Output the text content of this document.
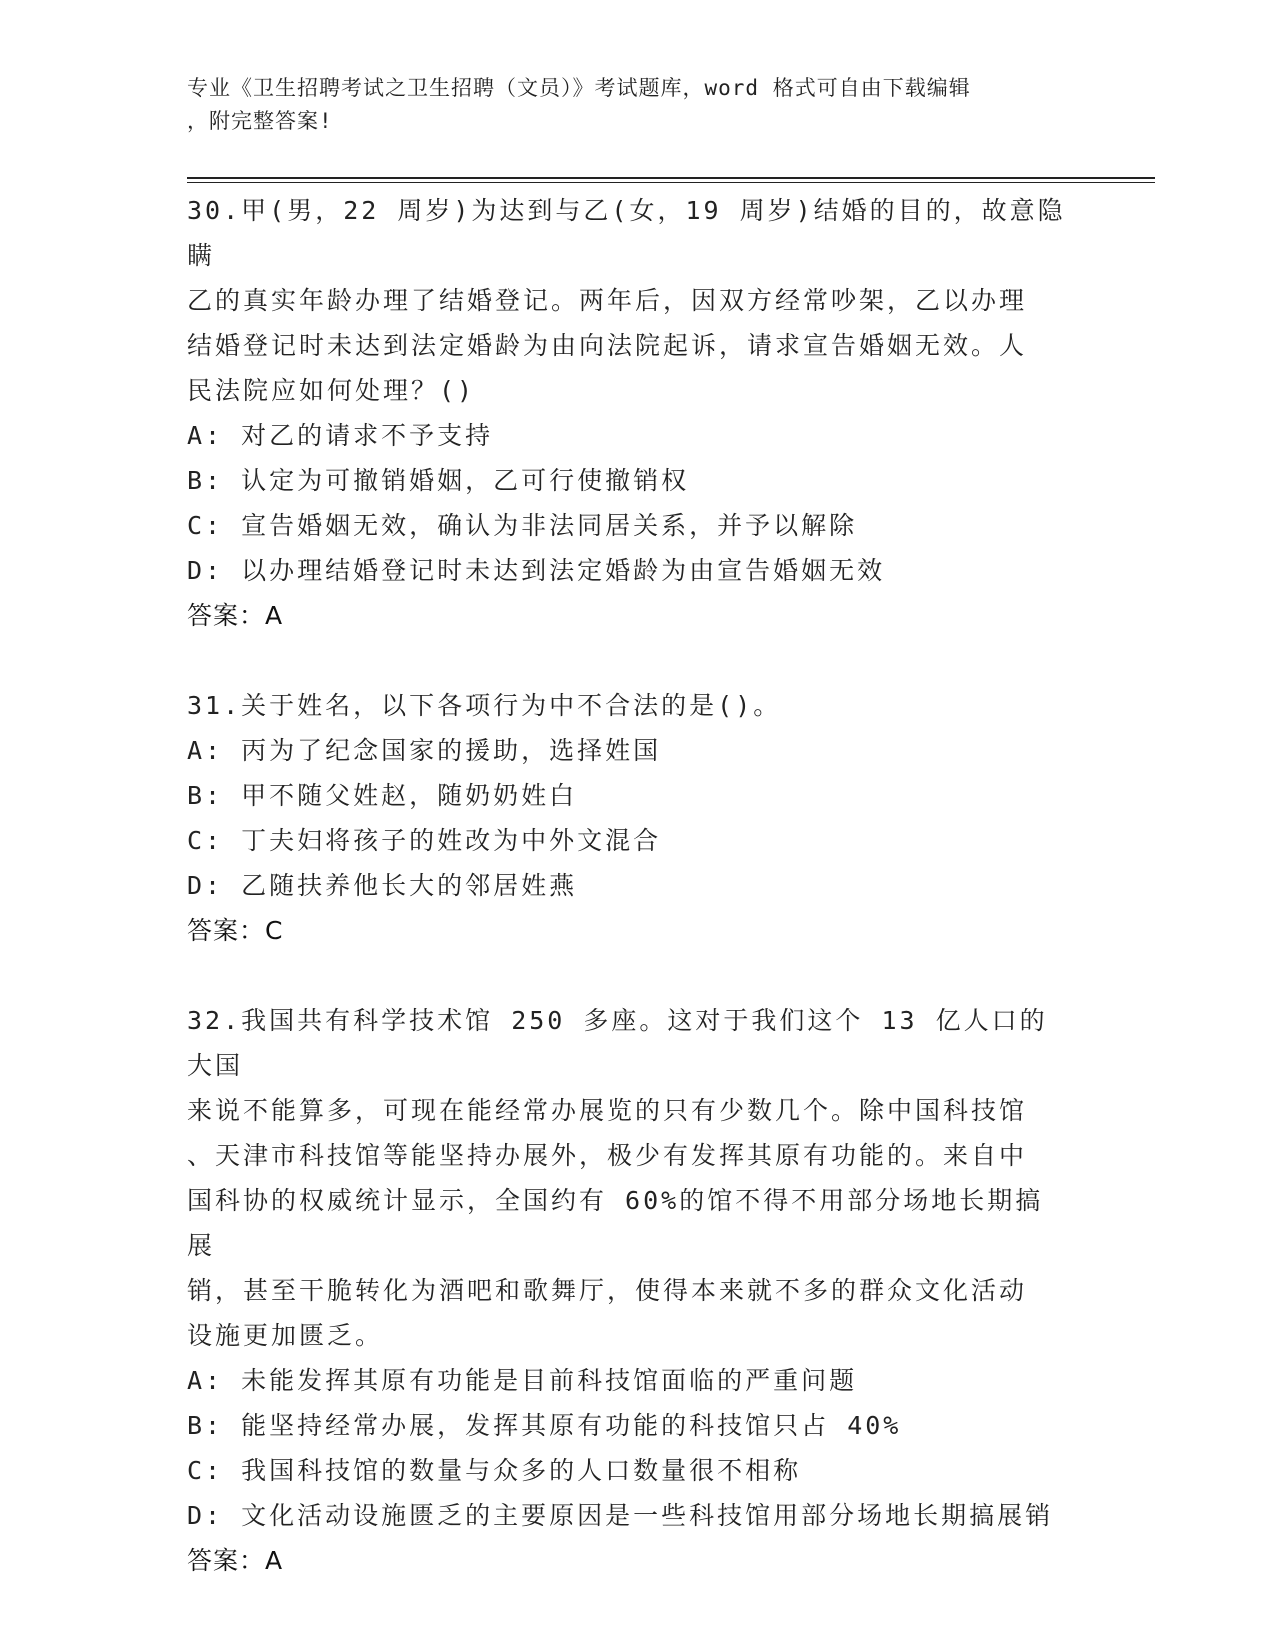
专业《卫生招聘考试之卫生招聘（文员）》考试题库，word 格式可自由下载编辑
，附完整答案!
30.甲(男，22 周岁)为达到与乙(女，19 周岁)结婚的目的，故意隐瞒
乙的真实年龄办理了结婚登记。两年后，因双方经常吵架，乙以办理
结婚登记时未达到法定婚龄为由向法院起诉，请求宣告婚姻无效。人
民法院应如何处理？()
A: 对乙的请求不予支持
B: 认定为可撤销婚姻，乙可行使撤销权
C: 宣告婚姻无效，确认为非法同居关系，并予以解除
D: 以办理结婚登记时未达到法定婚龄为由宣告婚姻无效
答案：A
31.关于姓名，以下各项行为中不合法的是()。
A: 丙为了纪念国家的援助，选择姓国
B: 甲不随父姓赵，随奶奶姓白
C: 丁夫妇将孩子的姓改为中外文混合
D: 乙随扶养他长大的邻居姓燕
答案：C
32.我国共有科学技术馆 250 多座。这对于我们这个 13 亿人口的大国
来说不能算多，可现在能经常办展览的只有少数几个。除中国科技馆
、天津市科技馆等能坚持办展外，极少有发挥其原有功能的。来自中
国科协的权威统计显示，全国约有 60%的馆不得不用部分场地长期搞展
销，甚至干脆转化为酒吧和歌舞厅，使得本来就不多的群众文化活动
设施更加匮乏。
A: 未能发挥其原有功能是目前科技馆面临的严重问题
B: 能坚持经常办展，发挥其原有功能的科技馆只占 40%
C: 我国科技馆的数量与众多的人口数量很不相称
D: 文化活动设施匮乏的主要原因是一些科技馆用部分场地长期搞展销
答案：A
